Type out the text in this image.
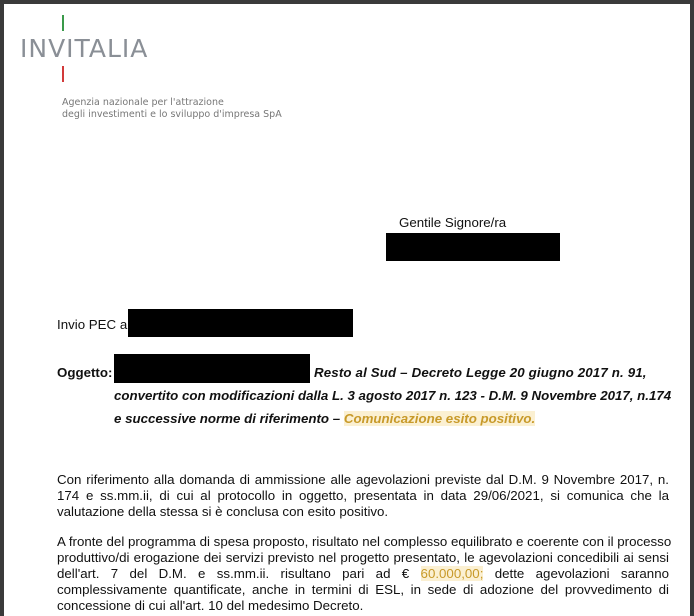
INVITALIA
Agenzia nazionale per l'attrazione
degli investimenti e lo sviluppo d'impresa SpA
Gentile Signore/ra
Invio PEC a
Oggetto:	Resto al Sud – Decreto Legge 20 giugno 2017 n. 91,
convertito con modificazioni dalla L. 3 agosto 2017 n. 123 - D.M. 9 Novembre 2017, n.174
e successive norme di riferimento – Comunicazione esito positivo.
Con riferimento alla domanda di ammissione alle agevolazioni previste dal D.M. 9 Novembre 2017, n.
174 e ss.mm.ii, di cui al protocollo in oggetto, presentata in data 29/06/2021, si comunica che la
valutazione della stessa si è conclusa con esito positivo.
A fronte del programma di spesa proposto, risultato nel complesso equilibrato e coerente con il processo
produttivo/di erogazione dei servizi previsto nel progetto presentato, le agevolazioni concedibili ai sensi
dell'art. 7 del D.M. e ss.mm.ii. risultano pari ad € 60.000,00; dette agevolazioni saranno
complessivamente quantificate, anche in termini di ESL, in sede di adozione del provvedimento di
concessione di cui all'art. 10 del medesimo Decreto.
